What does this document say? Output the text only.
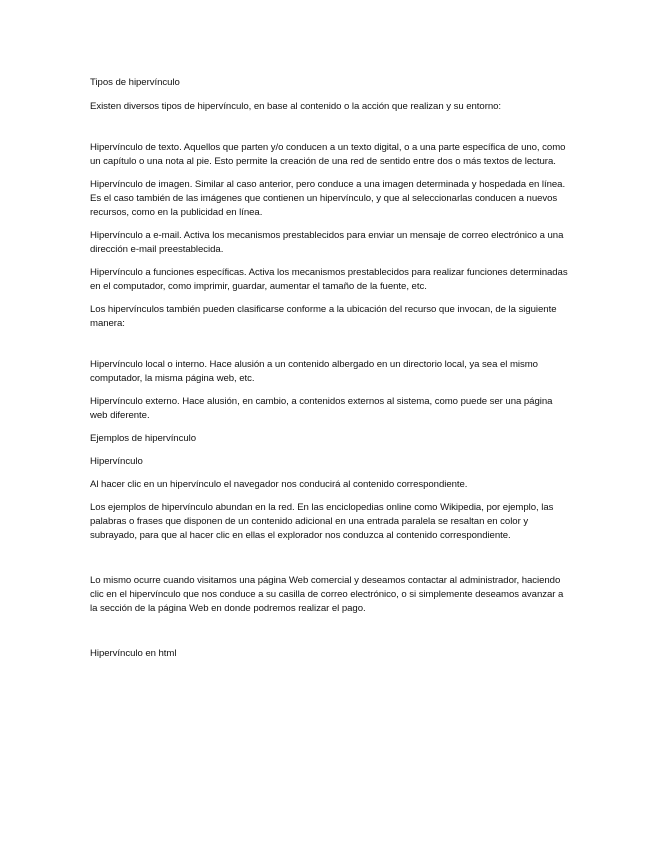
Tipos de hipervínculo

Existen diversos tipos de hipervínculo, en base al contenido o la acción que realizan y su entorno:

Hipervínculo de texto. Aquellos que parten y/o conducen a un texto digital, o a una parte específica de uno, como un capítulo o una nota al pie. Esto permite la creación de una red de sentido entre dos o más textos de lectura.

Hipervínculo de imagen. Similar al caso anterior, pero conduce a una imagen determinada y hospedada en línea. Es el caso también de las imágenes que contienen un hipervínculo, y que al seleccionarlas conducen a nuevos recursos, como en la publicidad en línea.

Hipervínculo a e-mail. Activa los mecanismos prestablecidos para enviar un mensaje de correo electrónico a una dirección e-mail preestablecida.

Hipervínculo a funciones específicas. Activa los mecanismos prestablecidos para realizar funciones determinadas en el computador, como imprimir, guardar, aumentar el tamaño de la fuente, etc.

Los hipervínculos también pueden clasificarse conforme a la ubicación del recurso que invocan, de la siguiente manera:

Hipervínculo local o interno. Hace alusión a un contenido albergado en un directorio local, ya sea el mismo computador, la misma página web, etc.

Hipervínculo externo. Hace alusión, en cambio, a contenidos externos al sistema, como puede ser una página web diferente.

Ejemplos de hipervínculo

Hipervínculo

Al hacer clic en un hipervínculo el navegador nos conducirá al contenido correspondiente.

Los ejemplos de hipervínculo abundan en la red. En las enciclopedias online como Wikipedia, por ejemplo, las palabras o frases que disponen de un contenido adicional en una entrada paralela se resaltan en color y subrayado, para que al hacer clic en ellas el explorador nos conduzca al contenido correspondiente.

Lo mismo ocurre cuando visitamos una página Web comercial y deseamos contactar al administrador, haciendo clic en el hipervínculo que nos conduce a su casilla de correo electrónico, o si simplemente deseamos avanzar a la sección de la página Web en donde podremos realizar el pago.

Hipervínculo en html
